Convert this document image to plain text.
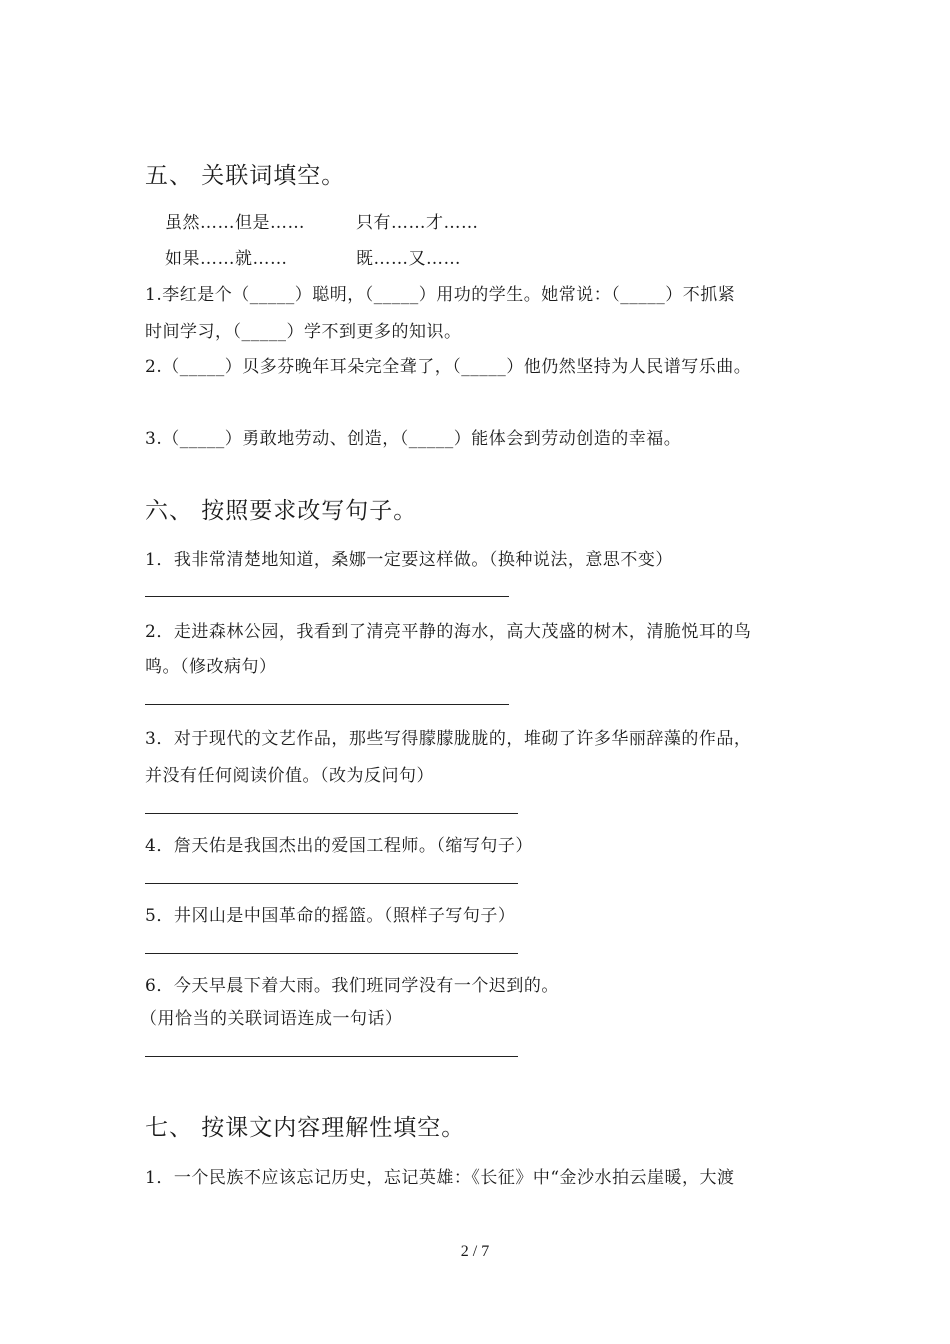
五、 关联词填空。
虽然……但是……	只有……才……
如果……就……	既……又……
1.李红是个（_____）聪明，（_____）用功的学生。她常说：（_____）不抓紧
时间学习，（_____）学不到更多的知识。
2.（_____）贝多芬晚年耳朵完全聋了，（_____）他仍然坚持为人民谱写乐曲。
3.（_____）勇敢地劳动、创造，（_____）能体会到劳动创造的幸福。
六、 按照要求改写句子。
1．我非常清楚地知道，桑娜一定要这样做。（换种说法，意思不变）
2．走进森林公园，我看到了清亮平静的海水，高大茂盛的树木，清脆悦耳的鸟
鸣。（修改病句）
3．对于现代的文艺作品，那些写得朦朦胧胧的，堆砌了许多华丽辞藻的作品，
并没有任何阅读价值。（改为反问句）
4．詹天佑是我国杰出的爱国工程师。（缩写句子）
5．井冈山是中国革命的摇篮。（照样子写句子）
6．今天早晨下着大雨。我们班同学没有一个迟到的。
（用恰当的关联词语连成一句话）
七、 按课文内容理解性填空。
1．一个民族不应该忘记历史，忘记英雄：《长征》中“金沙水拍云崖暖，大渡
2 / 7
